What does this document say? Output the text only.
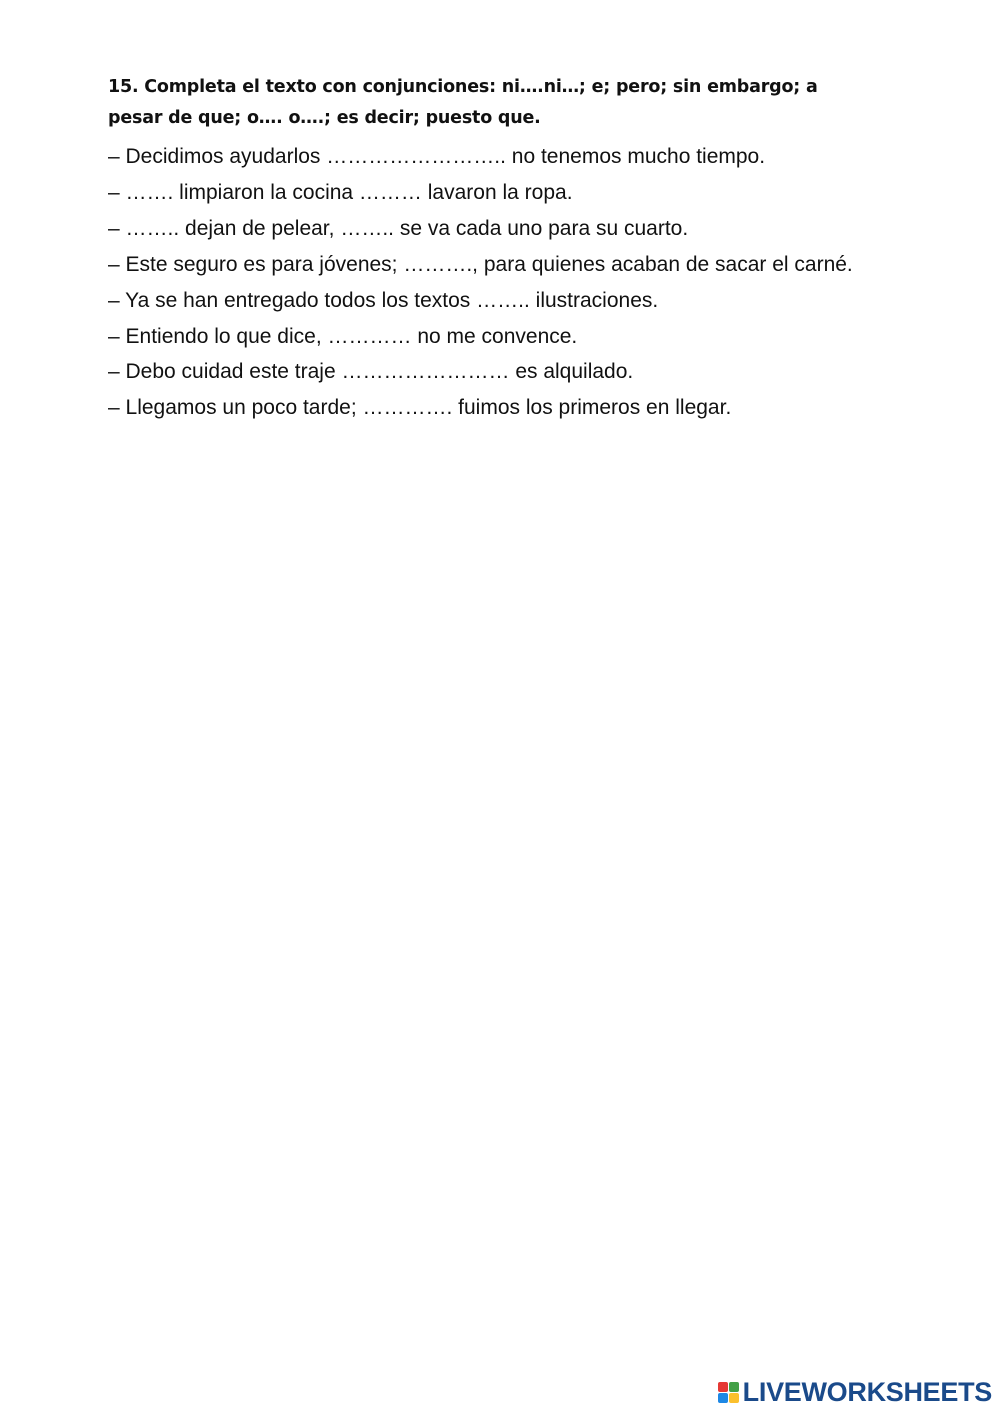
15. Completa el texto con conjunciones: ni….ni…; e; pero; sin embargo; a
pesar de que; o…. o….; es decir; puesto que.
– Decidimos ayudarlos …………………….. no tenemos mucho tiempo.
– ……. limpiaron la cocina ……… lavaron la ropa.
– …….. dejan de pelear, …….. se va cada uno para su cuarto.
– Este seguro es para jóvenes; ………., para quienes acaban de sacar el carné.
– Ya se han entregado todos los textos …….. ilustraciones.
– Entiendo lo que dice, ………… no me convence.
– Debo cuidad este traje …………………… es alquilado.
– Llegamos un poco tarde; …………. fuimos los primeros en llegar.
LIVEWORKSHEETS
